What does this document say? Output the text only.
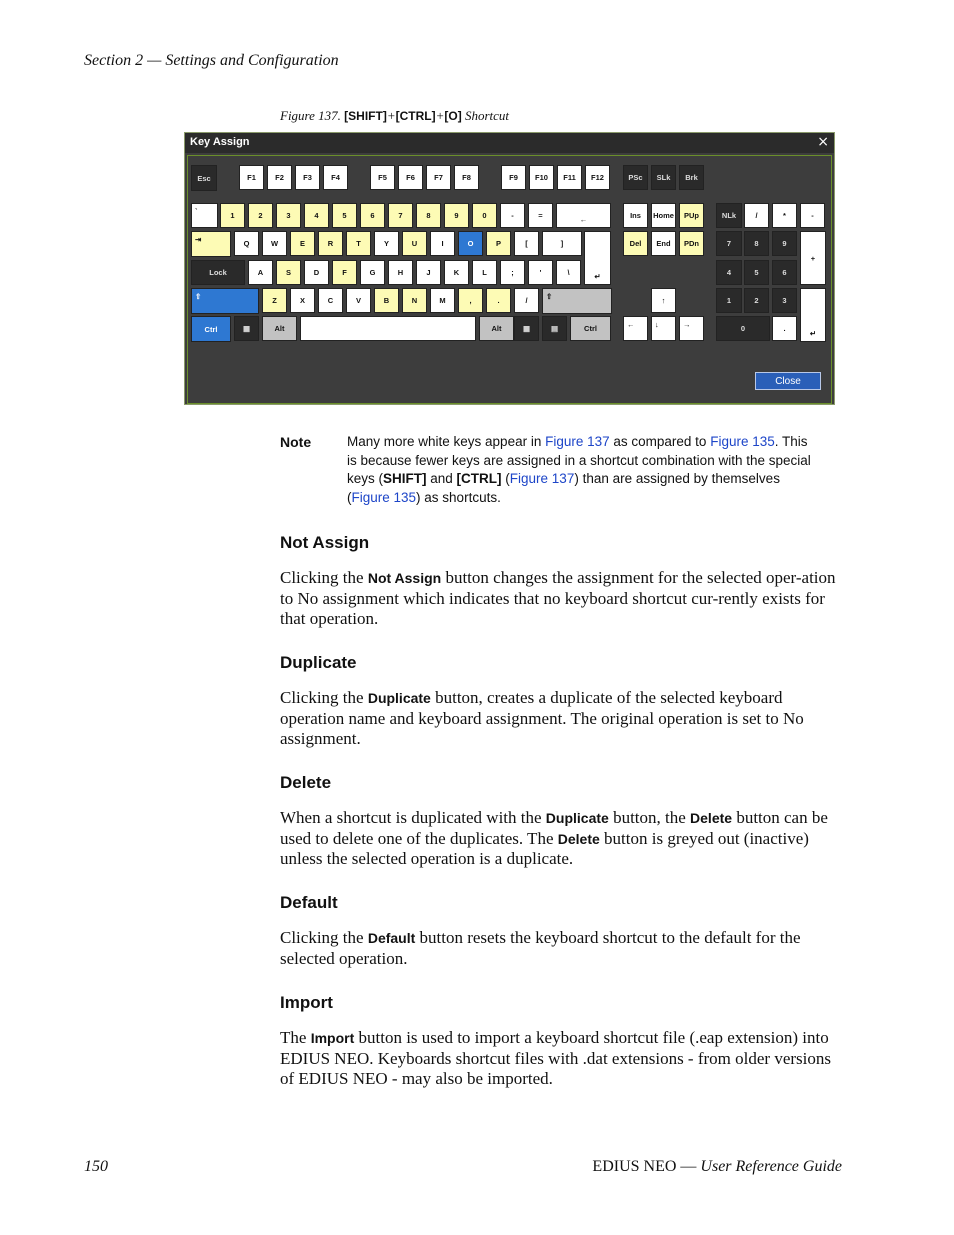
Section 2 — Settings and Configuration
Figure 137. [SHIFT]+[CTRL]+[O] Shortcut
Key Assign	×
Esc	F1	F2	F3	F4	F5	F6	F7	F8	F9	F10	F11	F12	PSc	SLk	Brk
`	1	2	3	4	5	6	7	8	9	0	-	=	←	Ins	Home	PUp	NLk	/	*	-
⇥	Q	W	E	R	T	Y	U	I	O	P	[	]	Del	End	PDn	7	8	9
+
Lock	A	S	D	F	G	H	J	K	L	;	'	\	↵	4	5	6
⇧	Z	X	C	V	B	N	M	,	.	/	⇧	↑	1	2	3
↵
Ctrl	▦	Alt	Alt	▦	▤	Ctrl	←	↓	→	0	.
Close
Note	Many more white keys appear in Figure 137 as compared to Figure 135. This is because fewer keys are assigned in a shortcut combination with the special keys (SHIFT] and [CTRL] (Figure 137) than are assigned by themselves (Figure 135) as shortcuts.
Not Assign
Clicking the Not Assign button changes the assignment for the selected oper-ation to No assignment which indicates that no keyboard shortcut cur-rently exists for that operation.
Duplicate
Clicking the Duplicate button, creates a duplicate of the selected keyboard operation name and keyboard assignment. The original operation is set to No assignment.
Delete
When a shortcut is duplicated with the Duplicate button, the Delete button can be used to delete one of the duplicates. The Delete button is greyed out (inactive) unless the selected operation is a duplicate.
Default
Clicking the Default button resets the keyboard shortcut to the default for the selected operation.
Import
The Import button is used to import a keyboard shortcut file (.eap extension) into EDIUS NEO. Keyboards shortcut files with .dat extensions - from older versions of EDIUS NEO - may also be imported.
150	EDIUS NEO — User Reference Guide
